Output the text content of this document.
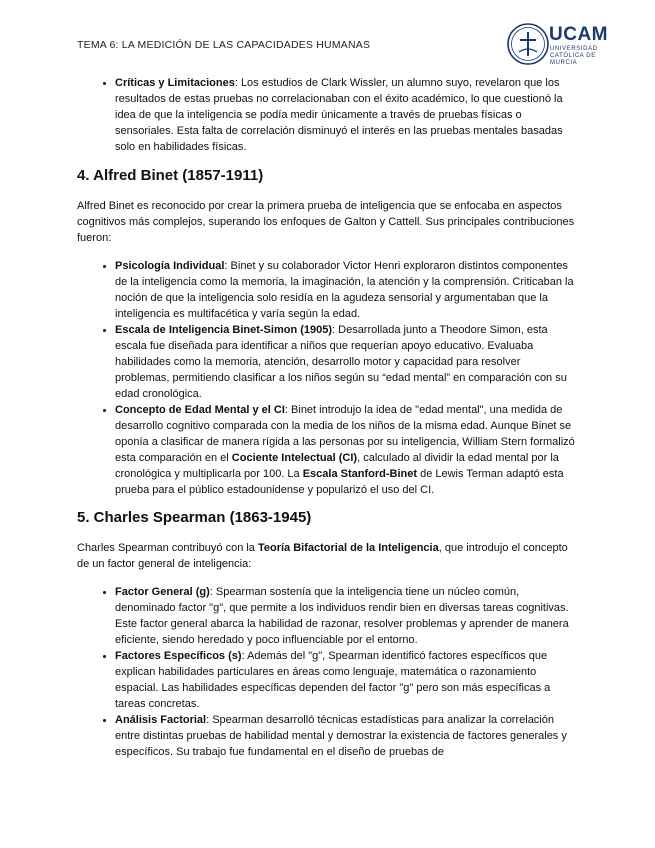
TEMA 6: LA MEDICIÓN DE LAS CAPACIDADES HUMANAS	UCAM
UNIVERSIDAD
CATÓLICA DE MURCIA
• Críticas y Limitaciones: Los estudios de Clark Wissler, un alumno suyo, revelaron que los resultados de estas pruebas no correlacionaban con el éxito académico, lo que cuestionó la idea de que la inteligencia se podía medir únicamente a través de pruebas físicas o sensoriales. Esta falta de correlación disminuyó el interés en las pruebas mentales basadas solo en habilidades físicas.
4. Alfred Binet (1857-1911)

Alfred Binet es reconocido por crear la primera prueba de inteligencia que se enfocaba en aspectos cognitivos más complejos, superando los enfoques de Galton y Cattell. Sus principales contribuciones fueron:

• Psicología Individual: Binet y su colaborador Victor Henri exploraron distintos componentes de la inteligencia como la memoria, la imaginación, la atención y la comprensión. Criticaban la noción de que la inteligencia solo residía en la agudeza sensorial y argumentaban que la inteligencia es multifacética y varía según la edad.
• Escala de Inteligencia Binet-Simon (1905): Desarrollada junto a Theodore Simon, esta escala fue diseñada para identificar a niños que requerían apoyo educativo. Evaluaba habilidades como la memoria, atención, desarrollo motor y capacidad para resolver problemas, permitiendo clasificar a los niños según su “edad mental” en comparación con su edad cronológica.
• Concepto de Edad Mental y el CI: Binet introdujo la idea de "edad mental", una medida de desarrollo cognitivo comparada con la media de los niños de la misma edad. Aunque Binet se oponía a clasificar de manera rígida a las personas por su inteligencia, William Stern formalizó esta comparación en el Cociente Intelectual (CI), calculado al dividir la edad mental por la cronológica y multiplicarla por 100. La Escala Stanford-Binet de Lewis Terman adaptó esta prueba para el público estadounidense y popularizó el uso del CI.
5. Charles Spearman (1863-1945)

Charles Spearman contribuyó con la Teoría Bifactorial de la Inteligencia, que introdujo el concepto de un factor general de inteligencia:

• Factor General (g): Spearman sostenía que la inteligencia tiene un núcleo común, denominado factor "g", que permite a los individuos rendir bien en diversas tareas cognitivas. Este factor general abarca la habilidad de razonar, resolver problemas y aprender de manera eficiente, siendo heredado y poco influenciable por el entorno.
• Factores Específicos (s): Además del "g", Spearman identificó factores específicos que explican habilidades particulares en áreas como lenguaje, matemática o razonamiento espacial. Las habilidades específicas dependen del factor "g" pero son más específicas a tareas concretas.
• Análisis Factorial: Spearman desarrolló técnicas estadísticas para analizar la correlación entre distintas pruebas de habilidad mental y demostrar la existencia de factores generales y específicos. Su trabajo fue fundamental en el diseño de pruebas de
